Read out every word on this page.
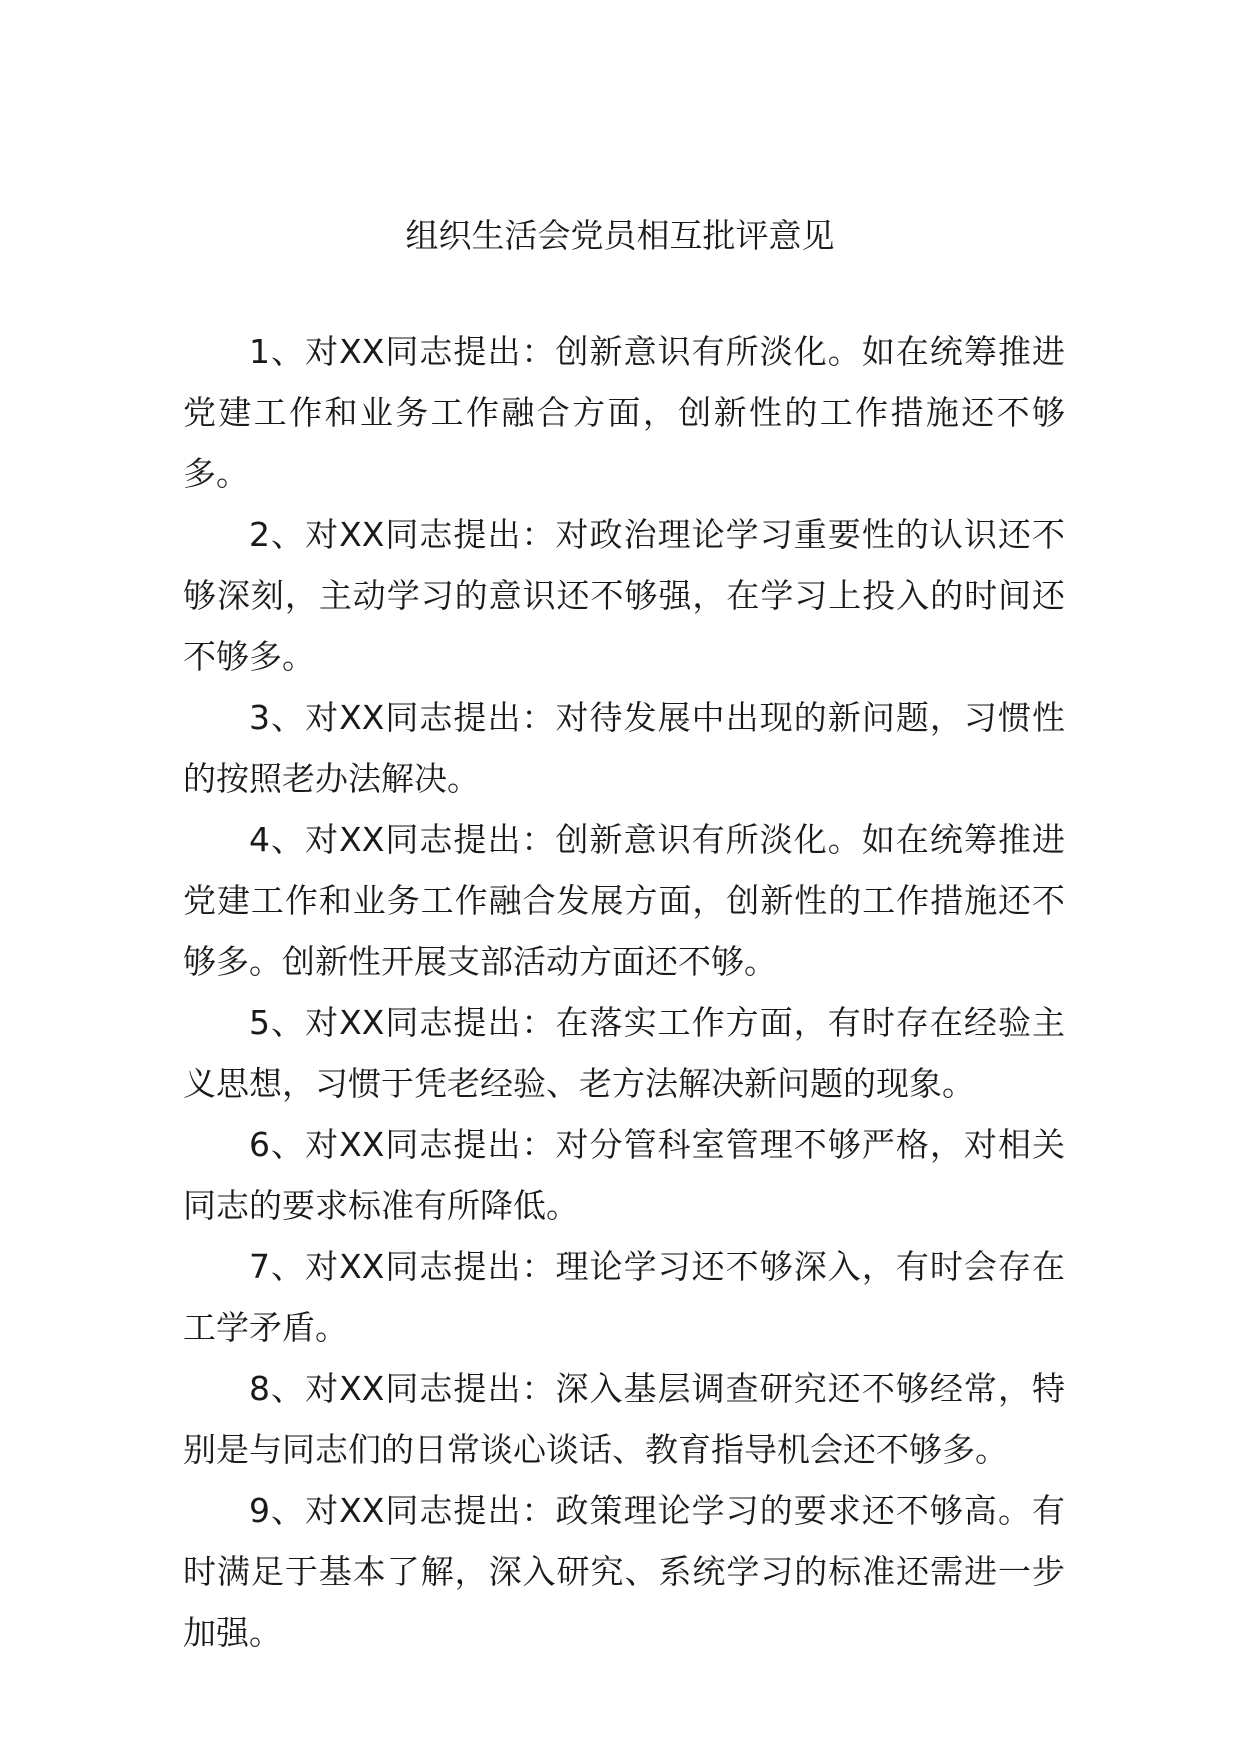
组织生活会党员相互批评意见

1、对XX同志提出：创新意识有所淡化。如在统筹推进党建工作和业务工作融合方面，创新性的工作措施还不够多。

2、对XX同志提出：对政治理论学习重要性的认识还不够深刻，主动学习的意识还不够强，在学习上投入的时间还不够多。

3、对XX同志提出：对待发展中出现的新问题，习惯性的按照老办法解决。

4、对XX同志提出：创新意识有所淡化。如在统筹推进党建工作和业务工作融合发展方面，创新性的工作措施还不够多。创新性开展支部活动方面还不够。

5、对XX同志提出：在落实工作方面，有时存在经验主义思想，习惯于凭老经验、老方法解决新问题的现象。

6、对XX同志提出：对分管科室管理不够严格，对相关同志的要求标准有所降低。

7、对XX同志提出：理论学习还不够深入，有时会存在工学矛盾。

8、对XX同志提出：深入基层调查研究还不够经常，特别是与同志们的日常谈心谈话、教育指导机会还不够多。

9、对XX同志提出：政策理论学习的要求还不够高。有时满足于基本了解，深入研究、系统学习的标准还需进一步加强。
